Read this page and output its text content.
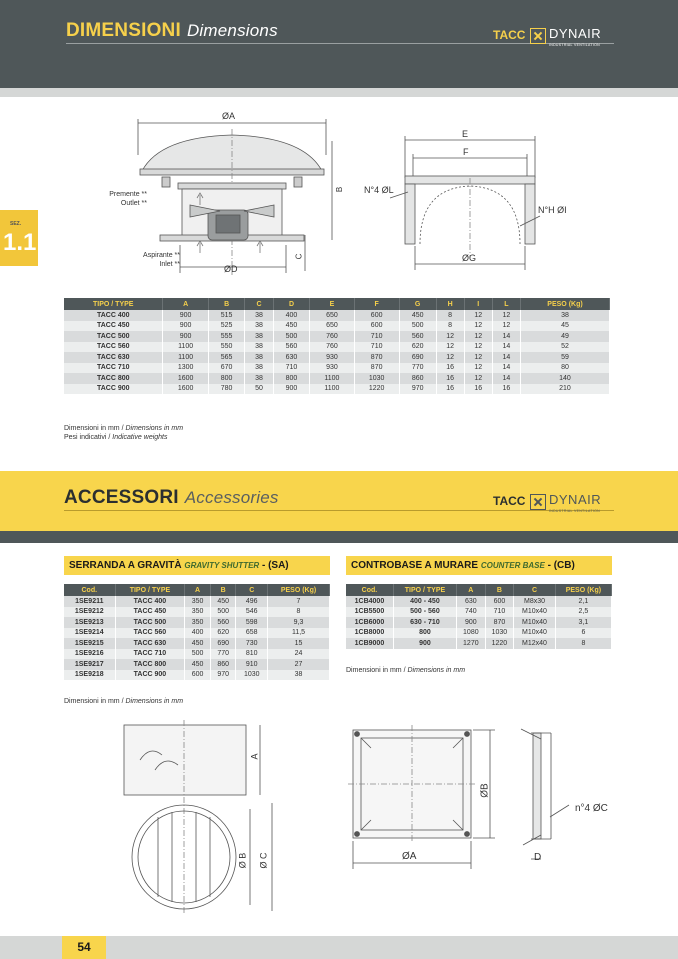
DIMENSIONI Dimensions	TACC DYNAIR
INDUSTRIAL VENTILATION
SEZ.
1.1
ØA
B
C
ØD
Premente **
Outlet **
Aspirante **
Inlet **
E
F
N°4 ØL
N°H ØI
ØG
TIPO / TYPE	A	B	C	D	E	F	G	H	I	L	PESO (Kg)
TACC 400	900	515	38	400	650	600	450	8	12	12	38
TACC 450	900	525	38	450	650	600	500	8	12	12	45
TACC 500	900	555	38	500	760	710	560	12	12	14	49
TACC 560	1100	550	38	560	760	710	620	12	12	14	52
TACC 630	1100	565	38	630	930	870	690	12	12	14	59
TACC 710	1300	670	38	710	930	870	770	16	12	14	80
TACC 800	1600	800	38	800	1100	1030	860	16	12	14	140
TACC 900	1600	780	50	900	1100	1220	970	16	16	16	210
Dimensioni in mm / Dimensions in mm
Pesi indicativi / Indicative weights
ACCESSORI Accessories	TACC DYNAIR
INDUSTRIAL VENTILATION
SERRANDA A GRAVITÀ GRAVITY SHUTTER - (SA)
Cod.	TIPO / TYPE	A	B	C	PESO (Kg)
1SE9211	TACC 400	350	450	496	7
1SE9212	TACC 450	350	500	546	8
1SE9213	TACC 500	350	560	598	9,3
1SE9214	TACC 560	400	620	658	11,5
1SE9215	TACC 630	450	690	730	15
1SE9216	TACC 710	500	770	810	24
1SE9217	TACC 800	450	860	910	27
1SE9218	TACC 900	600	970	1030	38
Dimensioni in mm / Dimensions in mm
A
Ø B Ø C
CONTROBASE A MURARE COUNTER BASE - (CB)
Cod.	TIPO / TYPE	A	B	C	PESO (Kg)
1CB4000	400 - 450	630	600	M8x30	2,1
1CB5500	500 - 560	740	710	M10x40	2,5
1CB6000	630 - 710	900	870	M10x40	3,1
1CB8000	800	1080	1030	M10x40	6
1CB9000	900	1270	1220	M12x40	8
Dimensioni in mm / Dimensions in mm
ØA
ØB
n°4 ØC
D
54
